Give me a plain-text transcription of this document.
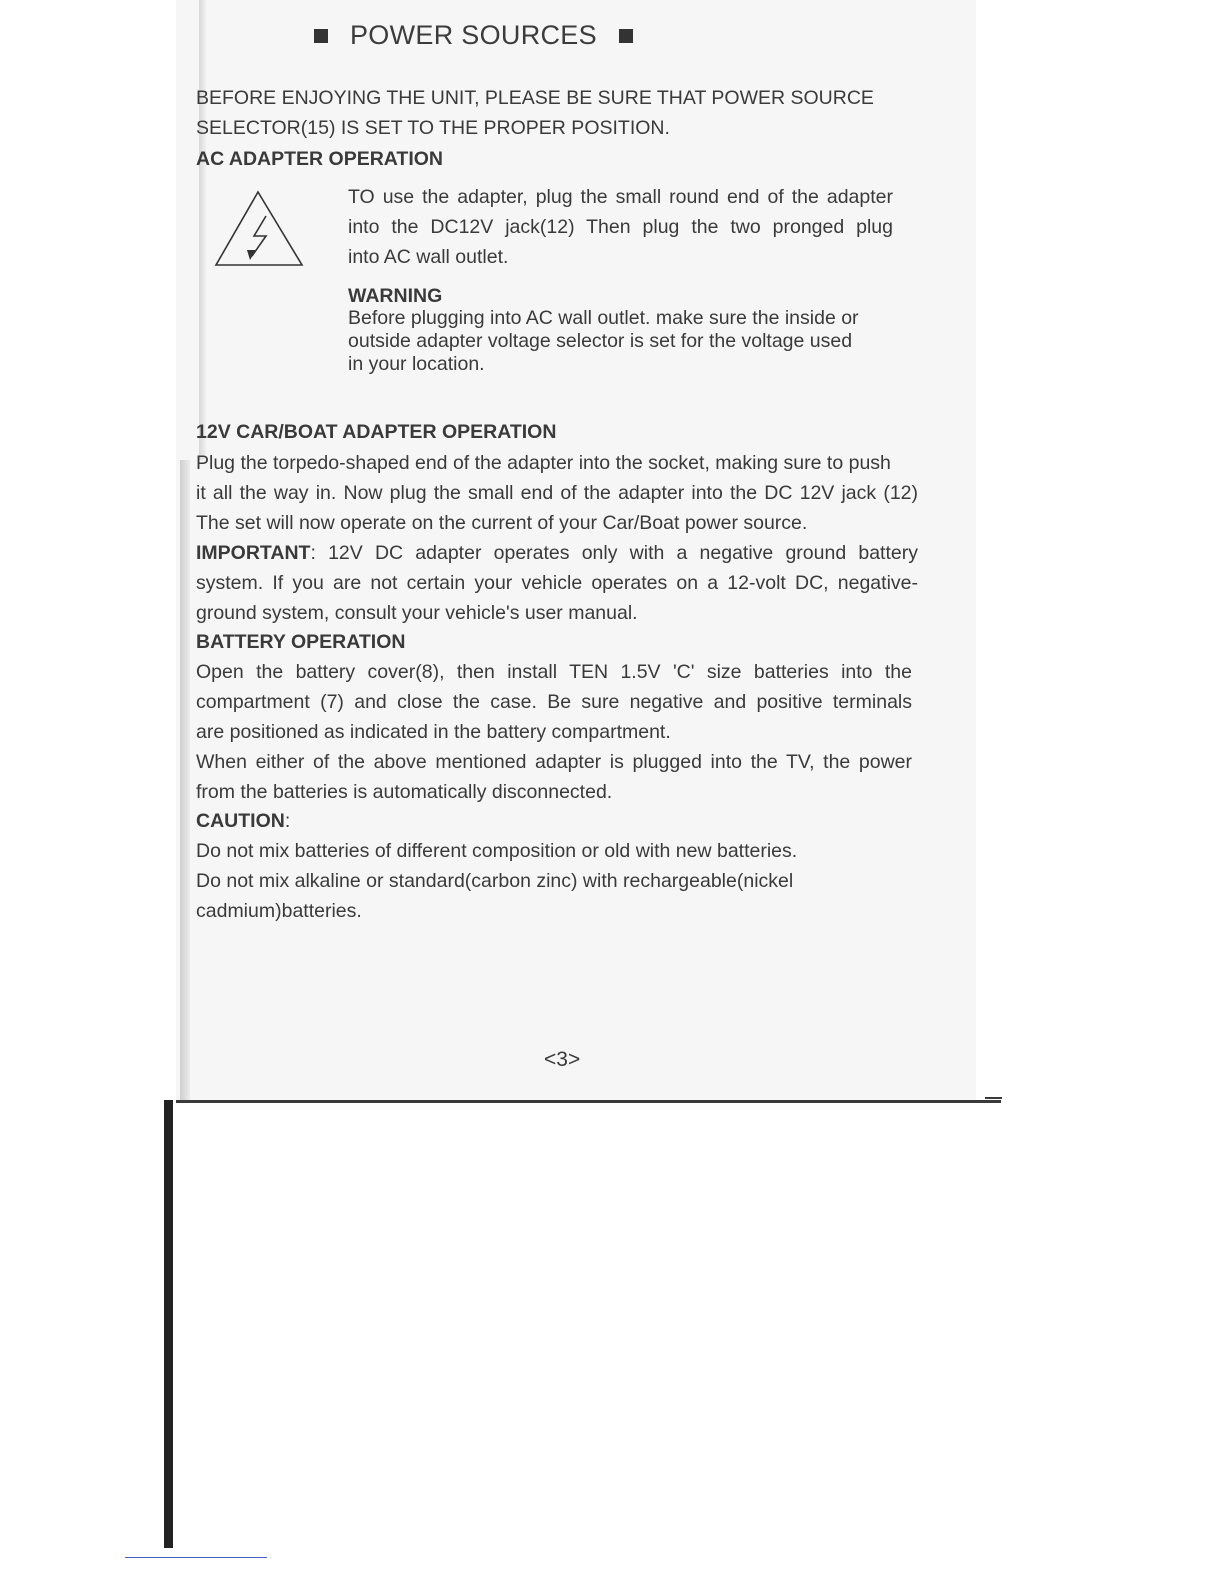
POWER SOURCES
BEFORE ENJOYING THE UNIT, PLEASE BE SURE THAT POWER SOURCE
SELECTOR(15) IS SET TO THE PROPER POSITION.
AC ADAPTER OPERATION
TO use the adapter, plug the small round end of the adapter
into the DC12V jack(12) Then plug the two pronged plug
into AC wall outlet.
WARNING
Before plugging into AC wall outlet. make sure the inside or
outside adapter voltage selector is set for the voltage used
in your location.
12V CAR/BOAT ADAPTER OPERATION
Plug the torpedo-shaped end of the adapter into the socket, making sure to push
it all the way in. Now plug the small end of the adapter into the DC 12V jack (12)
The set will now operate on the current of your Car/Boat power source.
IMPORTANT: 12V DC adapter operates only with a negative ground battery
system. If you are not certain your vehicle operates on a 12-volt DC, negative-
ground system, consult your vehicle's user manual.
BATTERY OPERATION
Open the battery cover(8), then install TEN 1.5V 'C' size batteries into the
compartment (7) and close the case. Be sure negative and positive terminals
are positioned as indicated in the battery compartment.
When either of the above mentioned adapter is plugged into the TV, the power
from the batteries is automatically disconnected.
CAUTION:
Do not mix batteries of different composition or old with new batteries.
Do not mix alkaline or standard(carbon zinc) with rechargeable(nickel
cadmium)batteries.
<3>
